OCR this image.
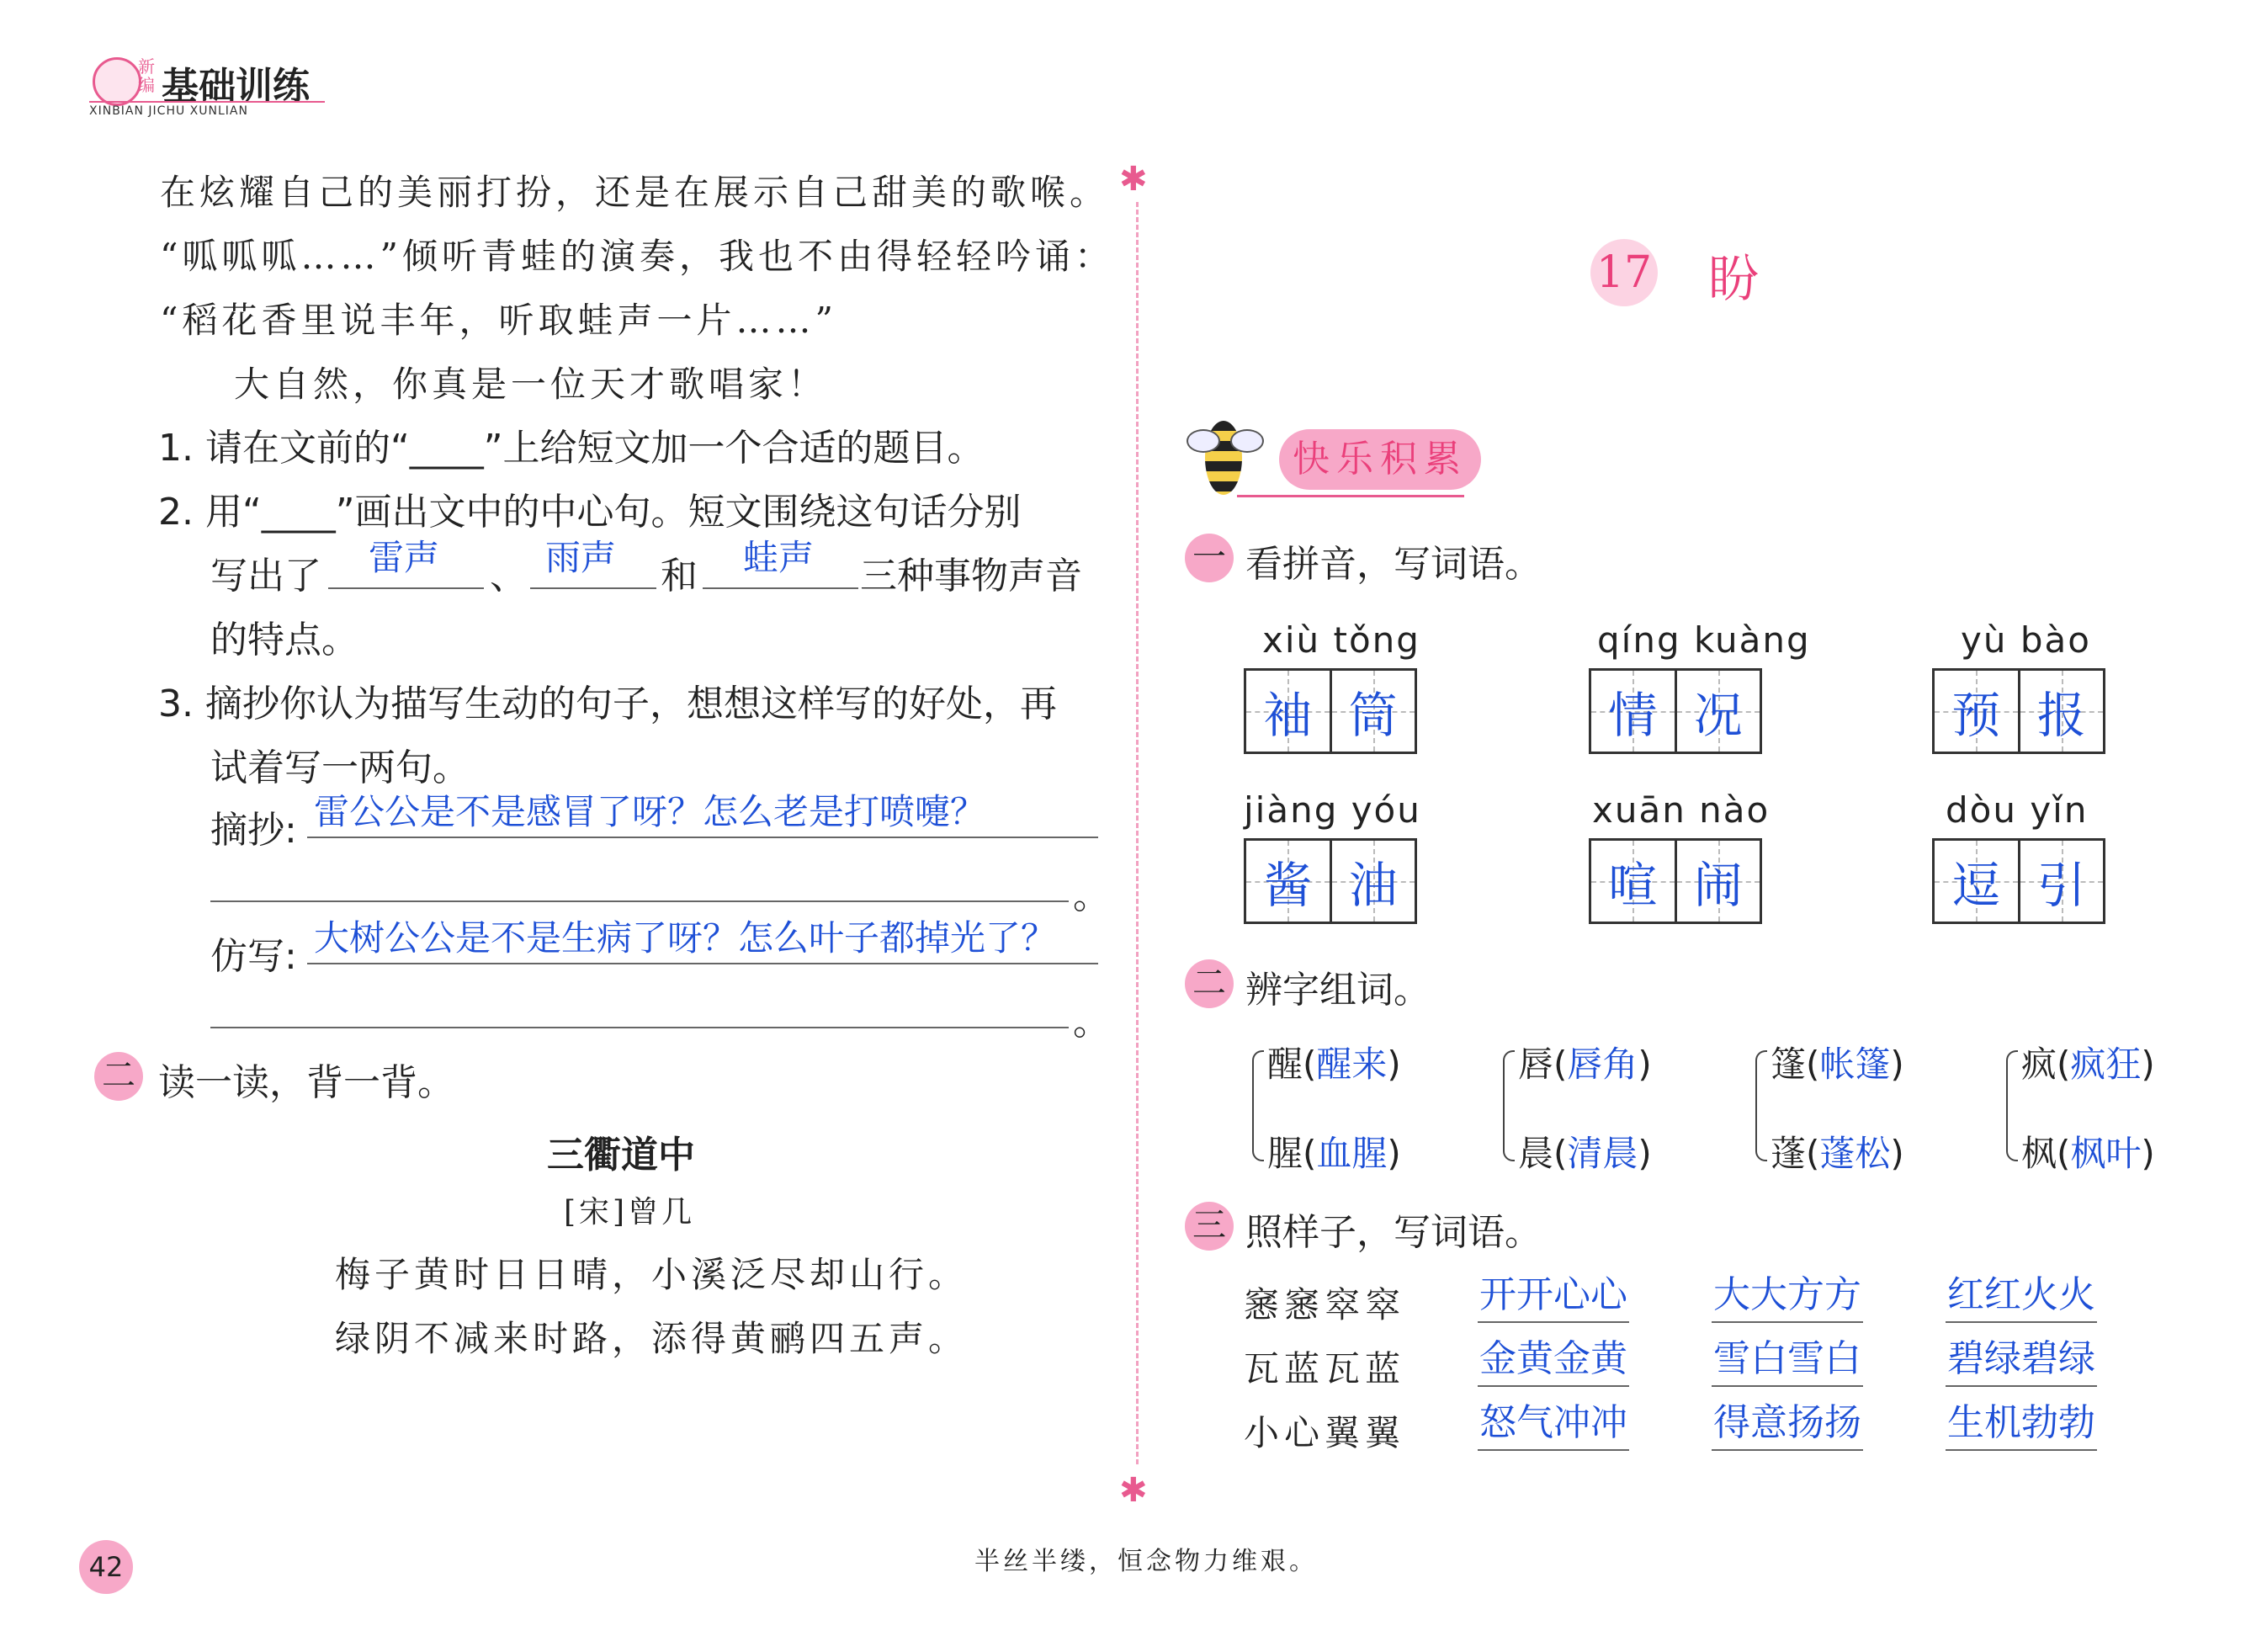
新编 基础训练
XINBIAN JICHU XUNLIAN
✱
✱
在炫耀自己的美丽打扮，还是在展示自己甜美的歌喉。
“呱呱呱……”倾听青蛙的演奏，我也不由得轻轻吟诵：
“稻花香里说丰年，听取蛙声一片……”
大自然，你真是一位天才歌唱家！
1. 请在文前的“____”上给短文加一个合适的题目。
2. 用“____”画出文中的中心句。短文围绕这句话分别
写出了 雷声 、 雨声 和 蛙声 三种事物声音
的特点。
3. 摘抄你认为描写生动的句子，想想这样写的好处，再
试着写一两句。
摘抄: 雷公公是不是感冒了呀？怎么老是打喷嚏？
。
仿写: 大树公公是不是生病了呀？怎么叶子都掉光了？
。
二 读一读，背一背。
三衢道中
[宋]曾几
梅子黄时日日晴，小溪泛尽却山行。
绿阴不减来时路，添得黄鹂四五声。
42
17 盼
快乐积累
一 看拼音，写词语。
xiù tǒng
袖 筒
qíng kuàng
情 况
yù bào
预 报
jiàng yóu
酱 油
xuān nào
喧 闹
dòu yǐn
逗 引
二 辨字组词。
醒(醒来)
腥(血腥)
唇(唇角)
晨(清晨)
篷(帐篷)
蓬(蓬松)
疯(疯狂)
枫(枫叶)
三 照样子，写词语。
窸窸窣窣 开开心心 大大方方 红红火火
瓦蓝瓦蓝 金黄金黄 雪白雪白 碧绿碧绿
小心翼翼 怒气冲冲 得意扬扬 生机勃勃
半丝半缕，恒念物力维艰。
